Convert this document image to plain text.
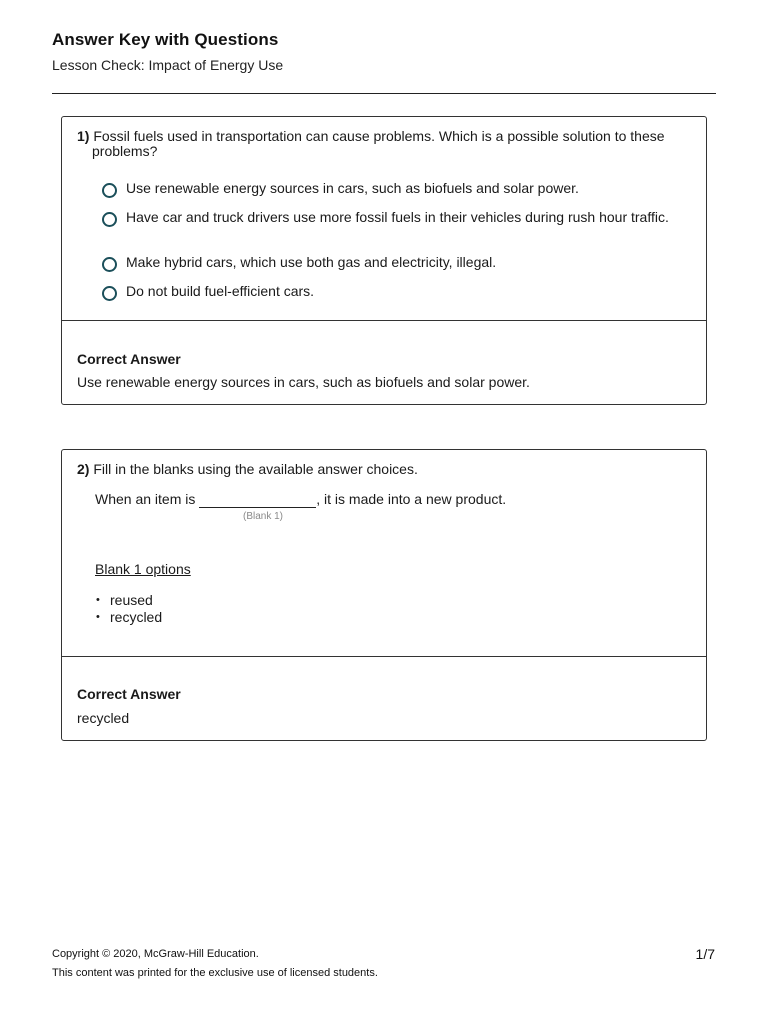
Answer Key with Questions
Lesson Check: Impact of Energy Use
1) Fossil fuels used in transportation can cause problems. Which is a possible solution to these problems?
Use renewable energy sources in cars, such as biofuels and solar power.
Have car and truck drivers use more fossil fuels in their vehicles during rush hour traffic.
Make hybrid cars, which use both gas and electricity, illegal.
Do not build fuel-efficient cars.
Correct Answer
Use renewable energy sources in cars, such as biofuels and solar power.
2) Fill in the blanks using the available answer choices.
When an item is	, it is made into a new product.
(Blank 1)
Blank 1 options
• reused
• recycled
Correct Answer
recycled
Copyright © 2020, McGraw-Hill Education.
This content was printed for the exclusive use of licensed students.
1/7
